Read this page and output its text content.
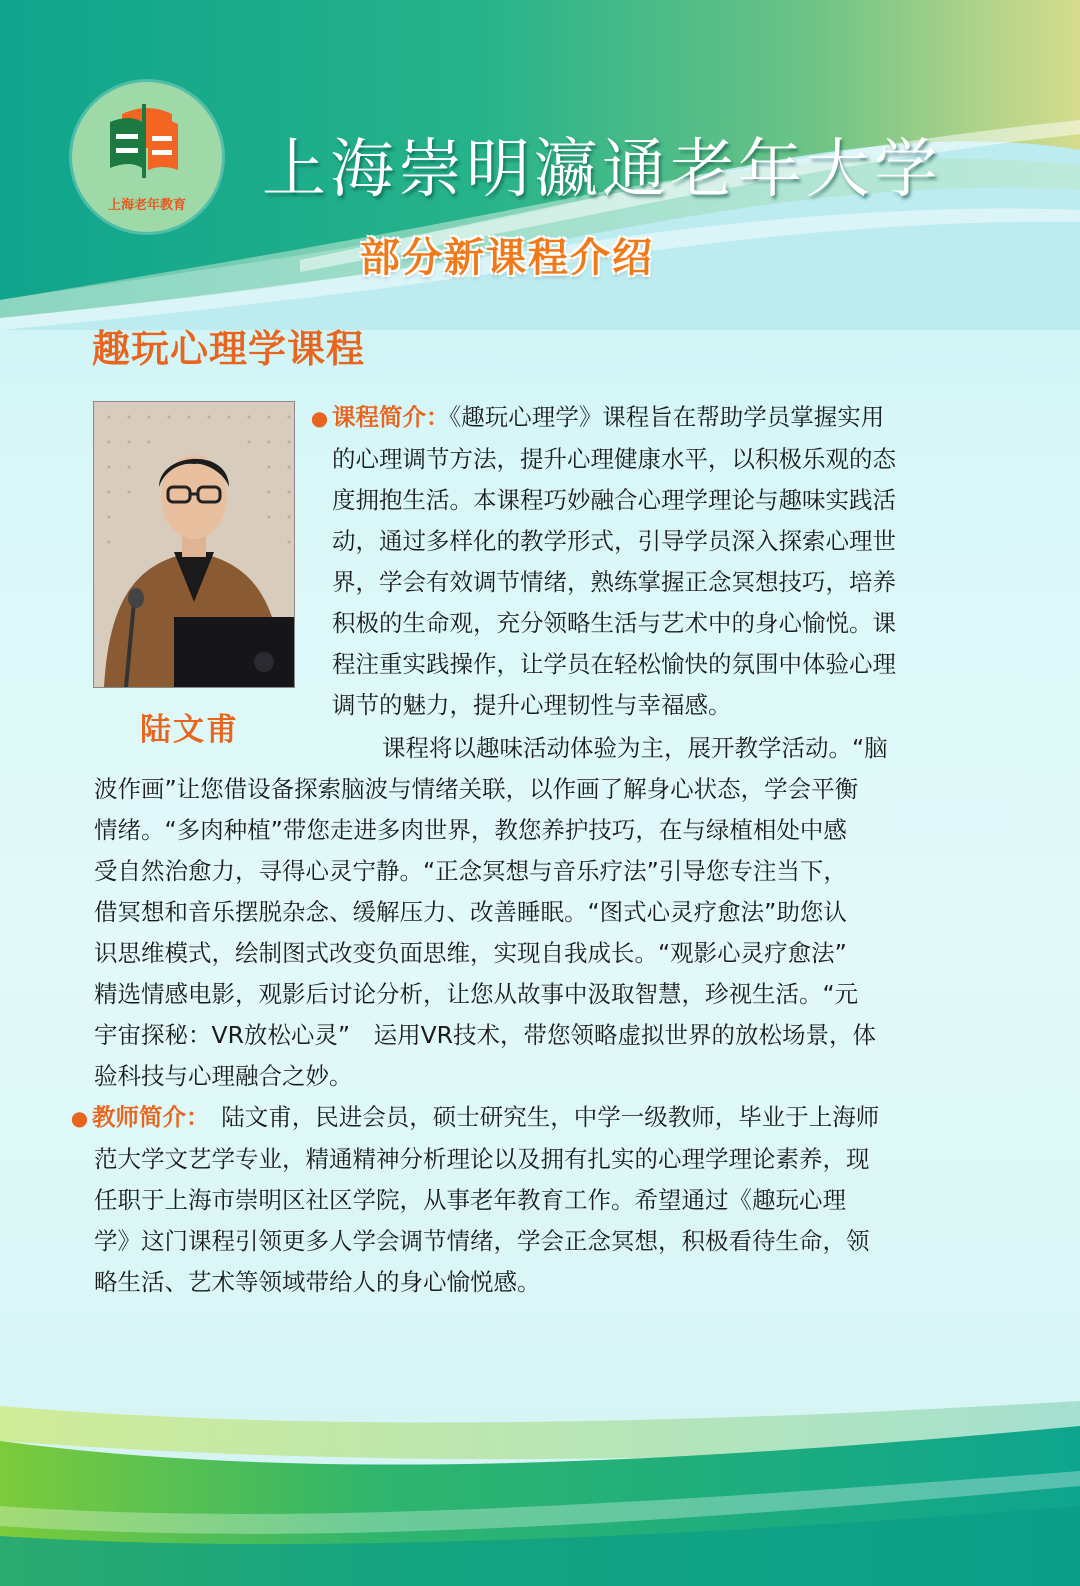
上海老年教育	上海崇明瀛通老年大学
部分新课程介绍
趣玩心理学课程
陆文甫
● 课程简介：《趣玩心理学》课程旨在帮助学员掌握实用
的心理调节方法，提升心理健康水平，以积极乐观的态
度拥抱生活。本课程巧妙融合心理学理论与趣味实践活
动，通过多样化的教学形式，引导学员深入探索心理世
界，学会有效调节情绪，熟练掌握正念冥想技巧，培养
积极的生命观，充分领略生活与艺术中的身心愉悦。课
程注重实践操作，让学员在轻松愉快的氛围中体验心理
调节的魅力，提升心理韧性与幸福感。
课程将以趣味活动体验为主，展开教学活动。“脑
波作画”让您借设备探索脑波与情绪关联，以作画了解身心状态，学会平衡
情绪。“多肉种植”带您走进多肉世界，教您养护技巧，在与绿植相处中感
受自然治愈力，寻得心灵宁静。“正念冥想与音乐疗法”引导您专注当下，
借冥想和音乐摆脱杂念、缓解压力、改善睡眠。“图式心灵疗愈法”助您认
识思维模式，绘制图式改变负面思维，实现自我成长。“观影心灵疗愈法”
精选情感电影，观影后讨论分析，让您从故事中汲取智慧，珍视生活。“元
宇宙探秘：VR放松心灵”　运用VR技术，带您领略虚拟世界的放松场景，体
验科技与心理融合之妙。
● 教师简介：　陆文甫，民进会员，硕士研究生，中学一级教师，毕业于上海师
范大学文艺学专业，精通精神分析理论以及拥有扎实的心理学理论素养，现
任职于上海市崇明区社区学院，从事老年教育工作。希望通过《趣玩心理
学》这门课程引领更多人学会调节情绪，学会正念冥想，积极看待生命，领
略生活、艺术等领域带给人的身心愉悦感。
